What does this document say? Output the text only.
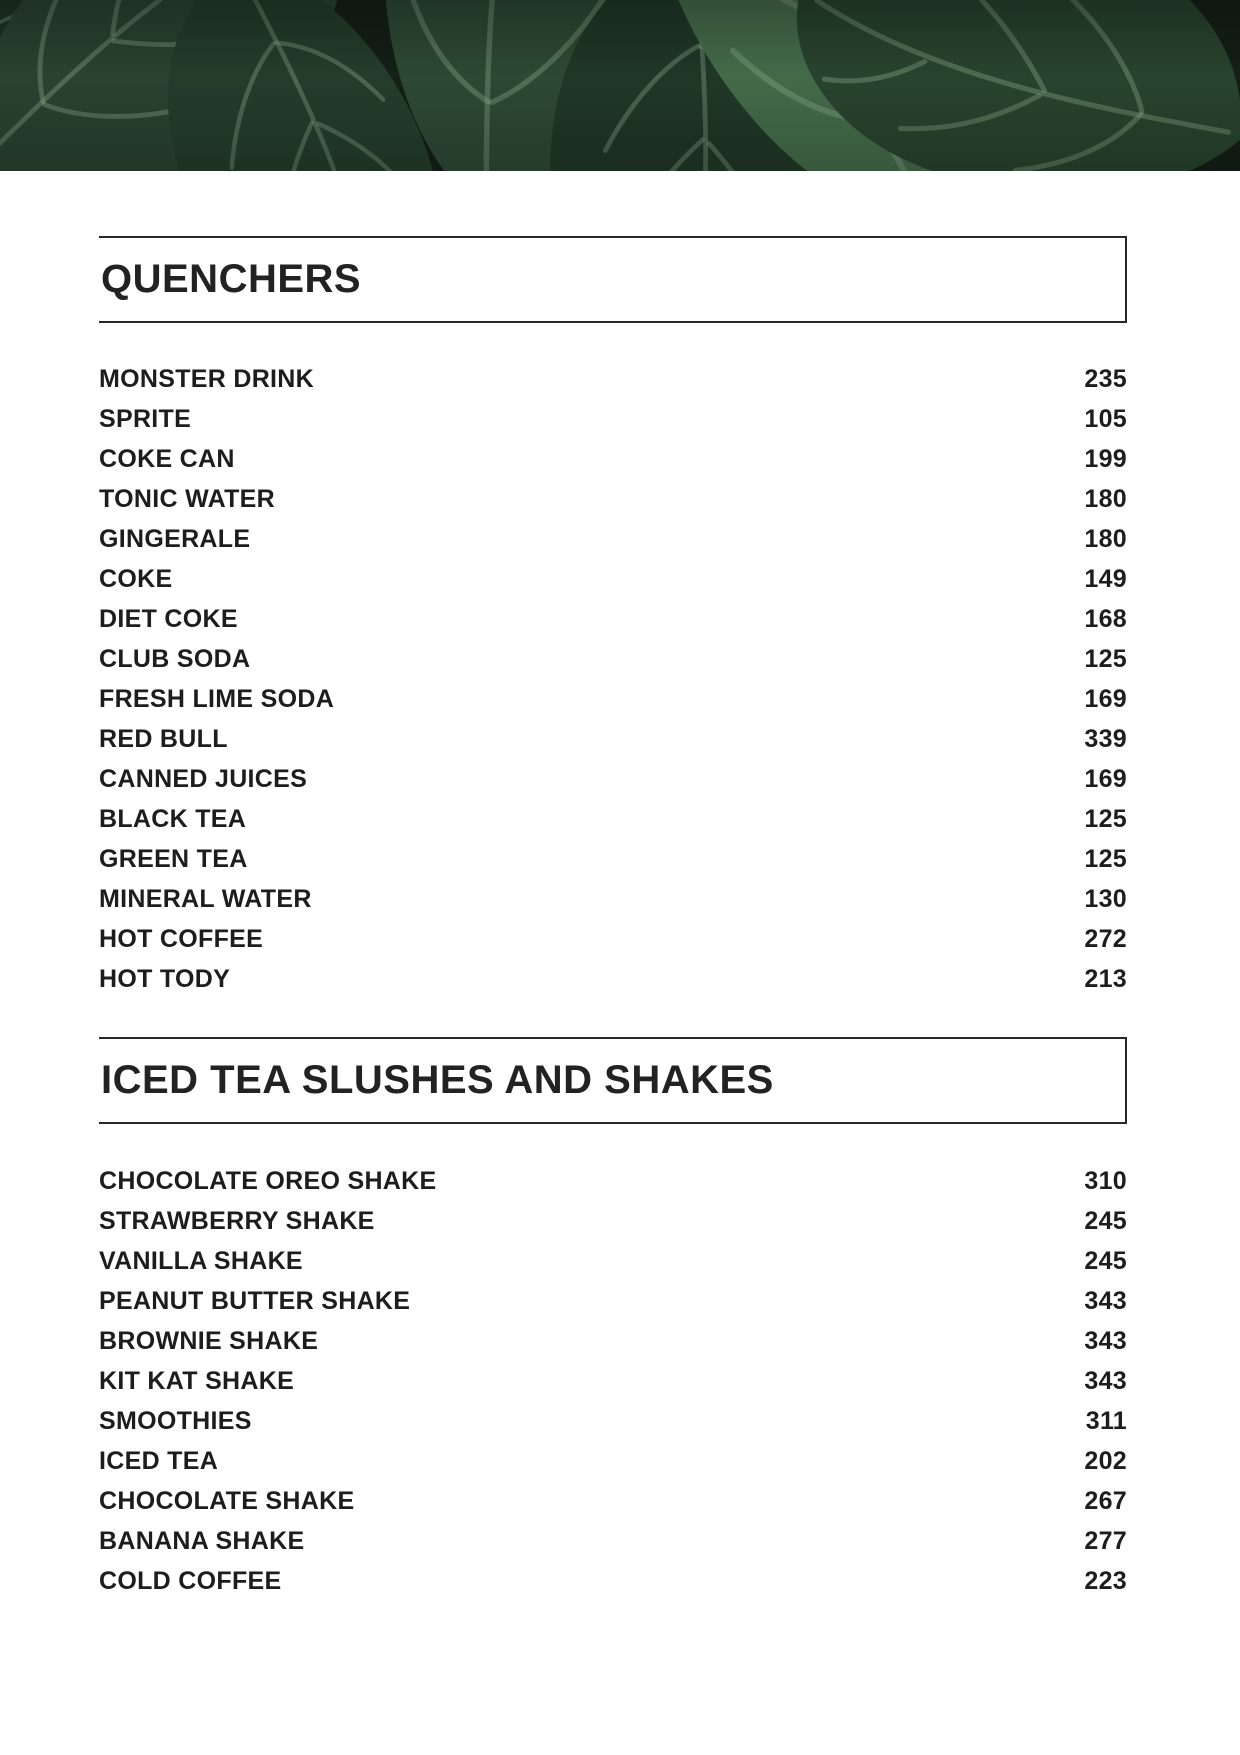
QUENCHERS
MONSTER DRINK	235
SPRITE	105
COKE CAN	199
TONIC WATER	180
GINGERALE	180
COKE	149
DIET COKE	168
CLUB SODA	125
FRESH LIME SODA	169
RED BULL	339
CANNED JUICES	169
BLACK TEA	125
GREEN TEA	125
MINERAL WATER	130
HOT COFFEE	272
HOT TODY	213
ICED TEA SLUSHES AND SHAKES
CHOCOLATE OREO SHAKE	310
STRAWBERRY SHAKE	245
VANILLA SHAKE	245
PEANUT BUTTER SHAKE	343
BROWNIE SHAKE	343
KIT KAT SHAKE	343
SMOOTHIES	311
ICED TEA	202
CHOCOLATE SHAKE	267
BANANA SHAKE	277
COLD COFFEE	223
